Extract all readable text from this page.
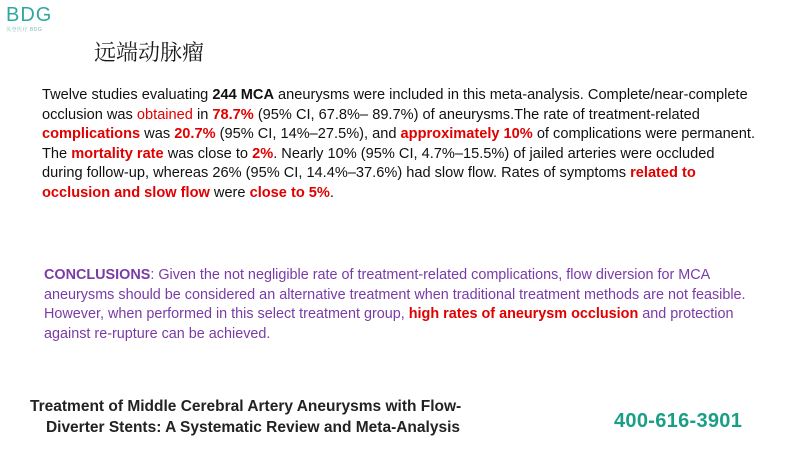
BDG
贝登医疗 BDG
远端动脉瘤
Twelve studies evaluating 244 MCA aneurysms were included in this meta-analysis. Complete/near-complete occlusion was obtained in 78.7% (95% CI, 67.8%– 89.7%) of aneurysms.The rate of treatment-related complications was 20.7% (95% CI, 14%–27.5%), and approximately 10% of complications were permanent. The mortality rate was close to 2%. Nearly 10% (95% CI, 4.7%–15.5%) of jailed arteries were occluded during follow-up, whereas 26% (95% CI, 14.4%–37.6%) had slow flow. Rates of symptoms related to occlusion and slow flow were close to 5%.
CONCLUSIONS: Given the not negligible rate of treatment-related complications, flow diversion for MCA aneurysms should be considered an alternative treatment when traditional treatment methods are not feasible. However, when performed in this select treatment group, high rates of aneurysm occlusion and protection against re-rupture can be achieved.
Treatment of Middle Cerebral Artery Aneurysms with Flow-
Diverter Stents: A Systematic Review and Meta-Analysis	400-616-3901
